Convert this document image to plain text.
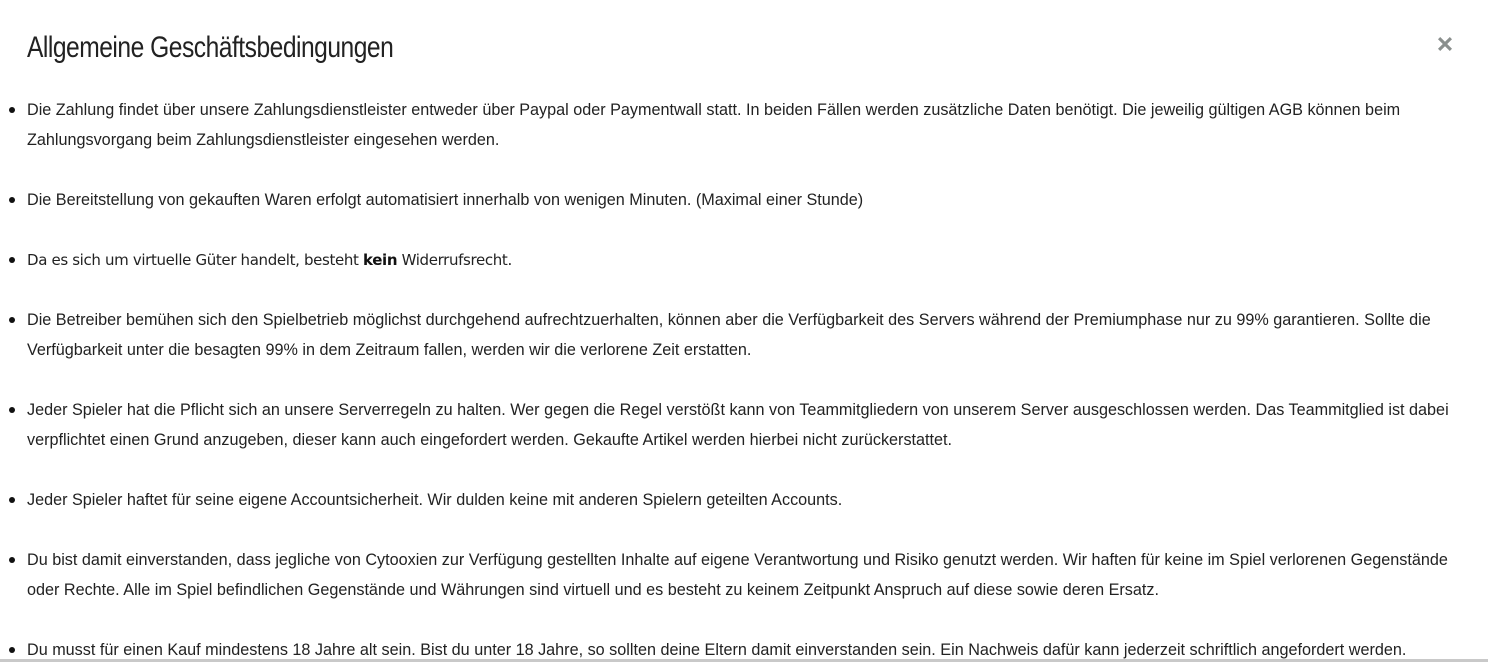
Allgemeine Geschäftsbedingungen
Die Zahlung findet über unsere Zahlungsdienstleister entweder über Paypal oder Paymentwall statt. In beiden Fällen werden zusätzliche Daten benötigt. Die jeweilig gültigen AGB können beim Zahlungsvorgang beim Zahlungsdienstleister eingesehen werden.
Die Bereitstellung von gekauften Waren erfolgt automatisiert innerhalb von wenigen Minuten. (Maximal einer Stunde)
Da es sich um virtuelle Güter handelt, besteht kein Widerrufsrecht.
Die Betreiber bemühen sich den Spielbetrieb möglichst durchgehend aufrechtzuerhalten, können aber die Verfügbarkeit des Servers während der Premiumphase nur zu 99% garantieren. Sollte die Verfügbarkeit unter die besagten 99% in dem Zeitraum fallen, werden wir die verlorene Zeit erstatten.
Jeder Spieler hat die Pflicht sich an unsere Serverregeln zu halten. Wer gegen die Regel verstößt kann von Teammitgliedern von unserem Server ausgeschlossen werden. Das Teammitglied ist dabei verpflichtet einen Grund anzugeben, dieser kann auch eingefordert werden. Gekaufte Artikel werden hierbei nicht zurückerstattet.
Jeder Spieler haftet für seine eigene Accountsicherheit. Wir dulden keine mit anderen Spielern geteilten Accounts.
Du bist damit einverstanden, dass jegliche von Cytooxien zur Verfügung gestellten Inhalte auf eigene Verantwortung und Risiko genutzt werden. Wir haften für keine im Spiel verlorenen Gegenstände oder Rechte. Alle im Spiel befindlichen Gegenstände und Währungen sind virtuell und es besteht zu keinem Zeitpunkt Anspruch auf diese sowie deren Ersatz.
Du musst für einen Kauf mindestens 18 Jahre alt sein. Bist du unter 18 Jahre, so sollten deine Eltern damit einverstanden sein. Ein Nachweis dafür kann jederzeit schriftlich angefordert werden.
